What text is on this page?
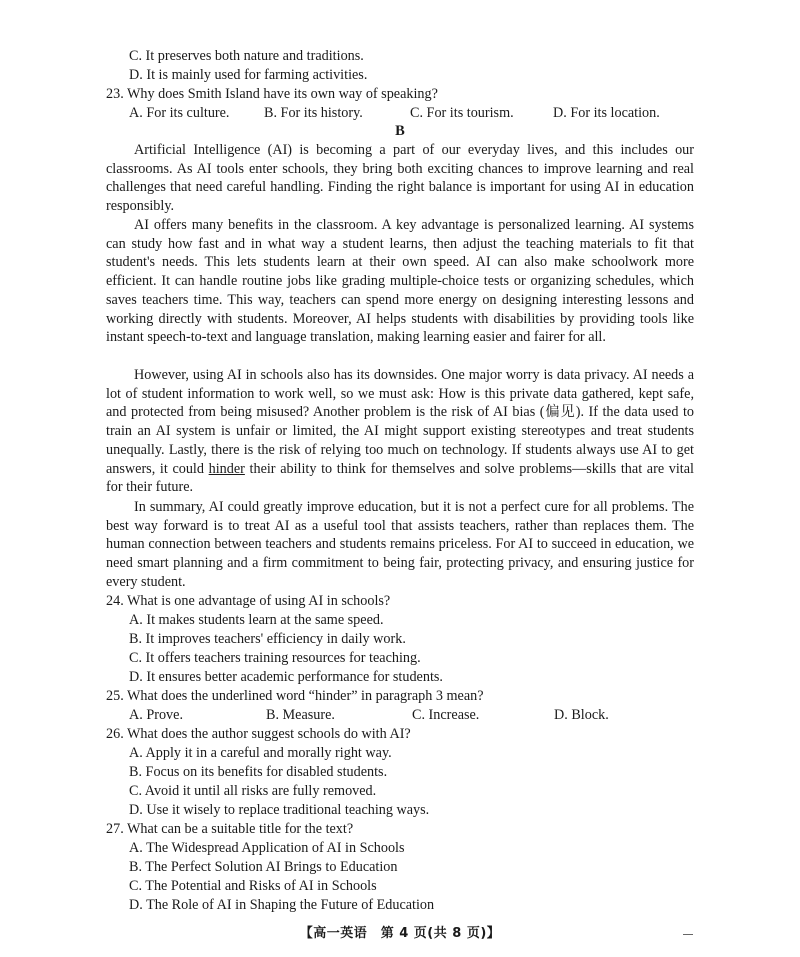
C. It preserves both nature and traditions.
D. It is mainly used for farming activities.
23. Why does Smith Island have its own way of speaking?
A. For its culture. B. For its history.	C. For its tourism.	D. For its location.
B
Artificial Intelligence (AI) is becoming a part of our everyday lives, and this includes our classrooms. As AI tools enter schools, they bring both exciting chances to improve learning and real challenges that need careful handling. Finding the right balance is important for using AI in education responsibly.
AI offers many benefits in the classroom. A key advantage is personalized learning. AI systems can study how fast and in what way a student learns, then adjust the teaching materials to fit that student's needs. This lets students learn at their own speed. AI can also make schoolwork more efficient. It can handle routine jobs like grading multiple-choice tests or organizing schedules, which saves teachers time. This way, teachers can spend more energy on designing interesting lessons and working directly with students. Moreover, AI helps students with disabilities by providing tools like instant speech-to-text and language translation, making learning easier and fairer for all.
However, using AI in schools also has its downsides. One major worry is data privacy. AI needs a lot of student information to work well, so we must ask: How is this private data gathered, kept safe, and protected from being misused? Another problem is the risk of AI bias (偏见). If the data used to train an AI system is unfair or limited, the AI might support existing stereotypes and treat students unequally. Lastly, there is the risk of relying too much on technology. If students always use AI to get answers, it could hinder their ability to think for themselves and solve problems—skills that are vital for their future.
In summary, AI could greatly improve education, but it is not a perfect cure for all problems. The best way forward is to treat AI as a useful tool that assists teachers, rather than replaces them. The human connection between teachers and students remains priceless. For AI to succeed in education, we need smart planning and a firm commitment to being fair, protecting privacy, and ensuring justice for every student.
24. What is one advantage of using AI in schools?
A. It makes students learn at the same speed.
B. It improves teachers' efficiency in daily work.
C. It offers teachers training resources for teaching.
D. It ensures better academic performance for students.
25. What does the underlined word “hinder” in paragraph 3 mean?
A. Prove.	B. Measure.	C. Increase.	D. Block.
26. What does the author suggest schools do with AI?
A. Apply it in a careful and morally right way.
B. Focus on its benefits for disabled students.
C. Avoid it until all risks are fully removed.
D. Use it wisely to replace traditional teaching ways.
27. What can be a suitable title for the text?
A. The Widespread Application of AI in Schools
B. The Perfect Solution AI Brings to Education
C. The Potential and Risks of AI in Schools
D. The Role of AI in Shaping the Future of Education
【高一英语　第 4 页(共 8 页)】
